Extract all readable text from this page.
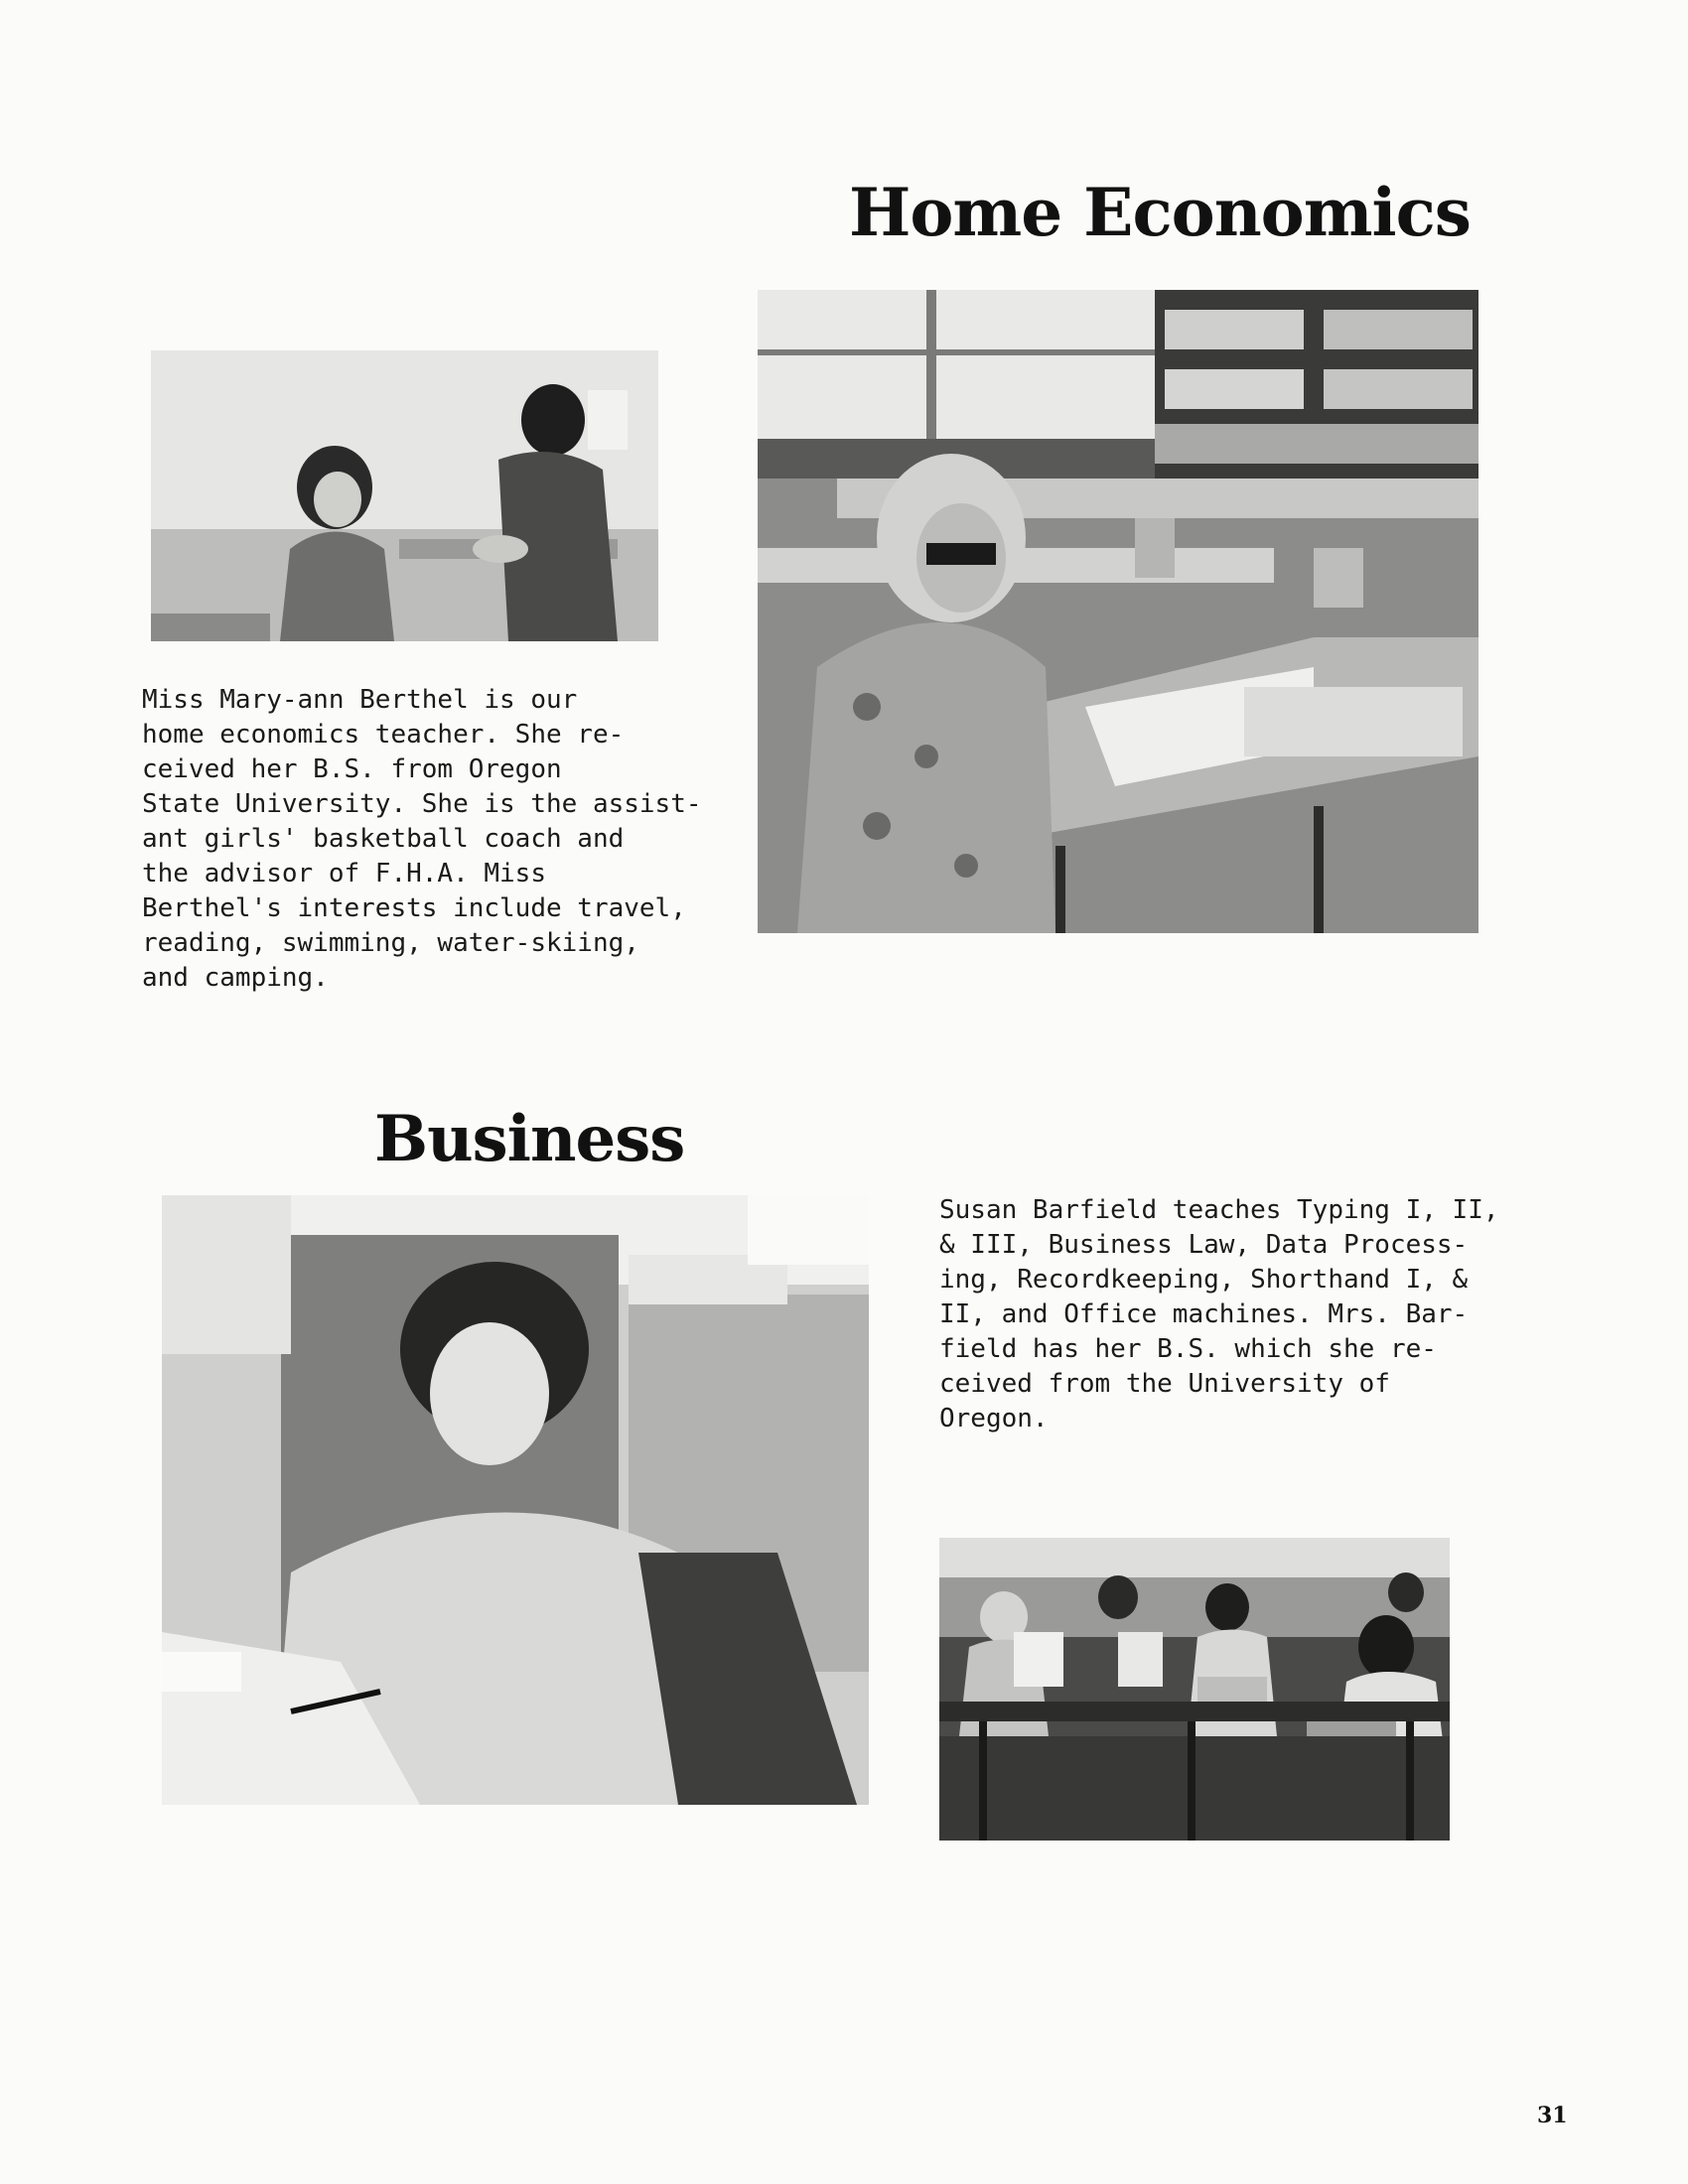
Home Economics
Miss Mary-ann Berthel is our
home economics teacher. She re-
ceived her B.S. from Oregon
State University. She is the assist-
ant girls' basketball coach and
the advisor of F.H.A. Miss
Berthel's interests include travel,
reading, swimming, water-skiing,
and camping.
Business
Susan Barfield teaches Typing I, II,
& III, Business Law, Data Process-
ing, Recordkeeping, Shorthand I, &
II, and Office machines. Mrs. Bar-
field has her B.S. which she re-
ceived from the University of
Oregon.
31
